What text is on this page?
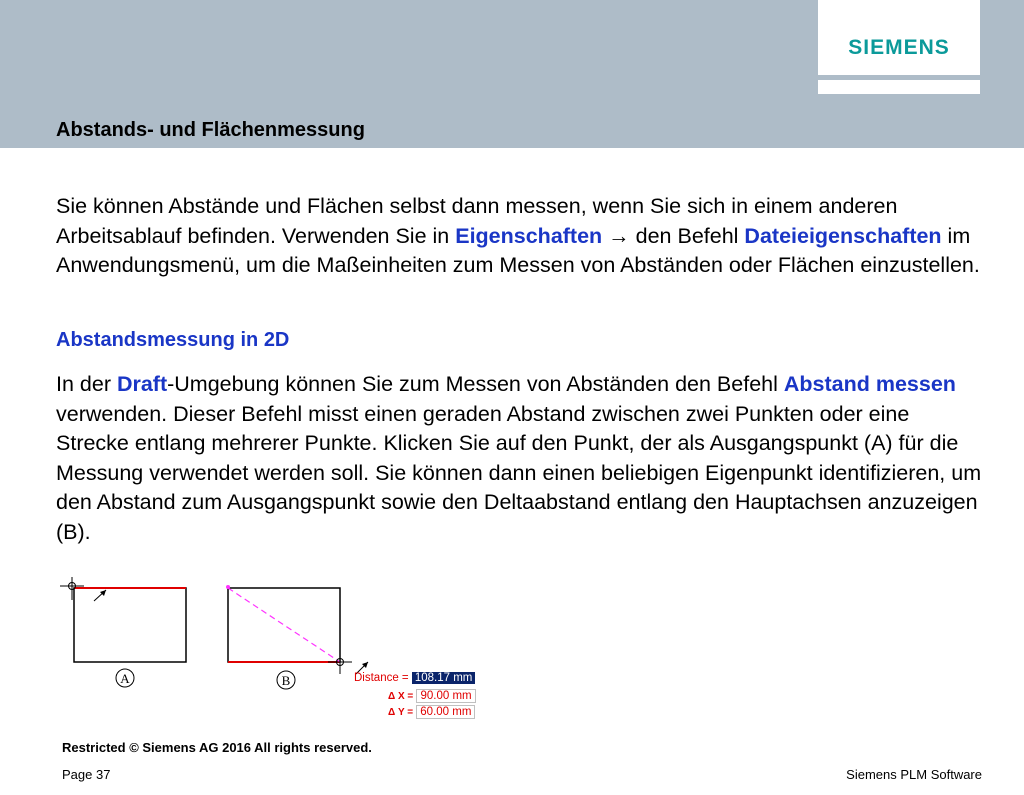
SIEMENS
Abstands- und Flächenmessung

Sie können Abstände und Flächen selbst dann messen, wenn Sie sich in einem anderen Arbeitsablauf befinden. Verwenden Sie in Eigenschaften → den Befehl Dateieigenschaften im Anwendungsmenü, um die Maßeinheiten zum Messen von Abständen oder Flächen einzustellen.

Abstandsmessung in 2D

In der Draft-Umgebung können Sie zum Messen von Abständen den Befehl Abstand messen verwenden. Dieser Befehl misst einen geraden Abstand zwischen zwei Punkten oder eine Strecke entlang mehrerer Punkte. Klicken Sie auf den Punkt, der als Ausgangspunkt (A) für die Messung verwendet werden soll. Sie können dann einen beliebigen Eigenpunkt identifizieren, um den Abstand zum Ausgangspunkt sowie den Deltaabstand entlang den Hauptachsen anzuzeigen (B).

A	B	Distance = 108.17 mm
Δ X = 90.00 mm
Δ Y = 60.00 mm
Restricted © Siemens AG 2016 All rights reserved.
Page 37	Siemens PLM Software
